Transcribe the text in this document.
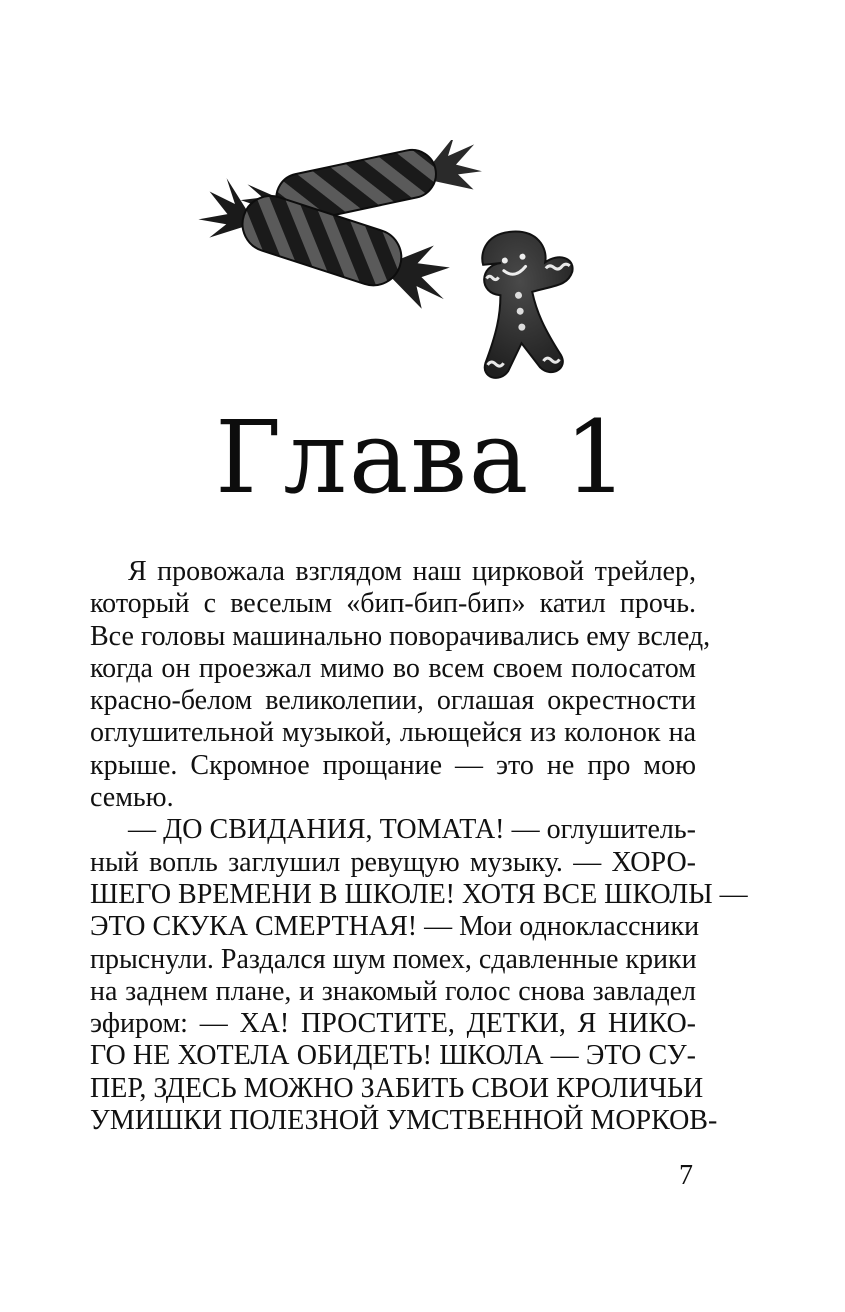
Глава 1
Я провожала взглядом наш цирковой трейлер,
который с веселым «бип-бип-бип» катил прочь.
Все головы машинально поворачивались ему вслед,
когда он проезжал мимо во всем своем полосатом
красно-белом великолепии, оглашая окрестности
оглушительной музыкой, льющейся из колонок на
крыше. Скромное прощание — это не про мою
семью.
— ДО СВИДАНИЯ, ТОМАТА! — оглушитель-
ный вопль заглушил ревущую музыку. — ХОРО-
ШЕГО ВРЕМЕНИ В ШКОЛЕ! ХОТЯ ВСЕ ШКОЛЫ —
ЭТО СКУКА СМЕРТНАЯ! — Мои одноклассники
прыснули. Раздался шум помех, сдавленные крики
на заднем плане, и знакомый голос снова завладел
эфиром: — ХА! ПРОСТИТЕ, ДЕТКИ, Я НИКО-
ГО НЕ ХОТЕЛА ОБИДЕТЬ! ШКОЛА — ЭТО СУ-
ПЕР, ЗДЕСЬ МОЖНО ЗАБИТЬ СВОИ КРОЛИЧЬИ
УМИШКИ ПОЛЕЗНОЙ УМСТВЕННОЙ МОРКОВ-
7
